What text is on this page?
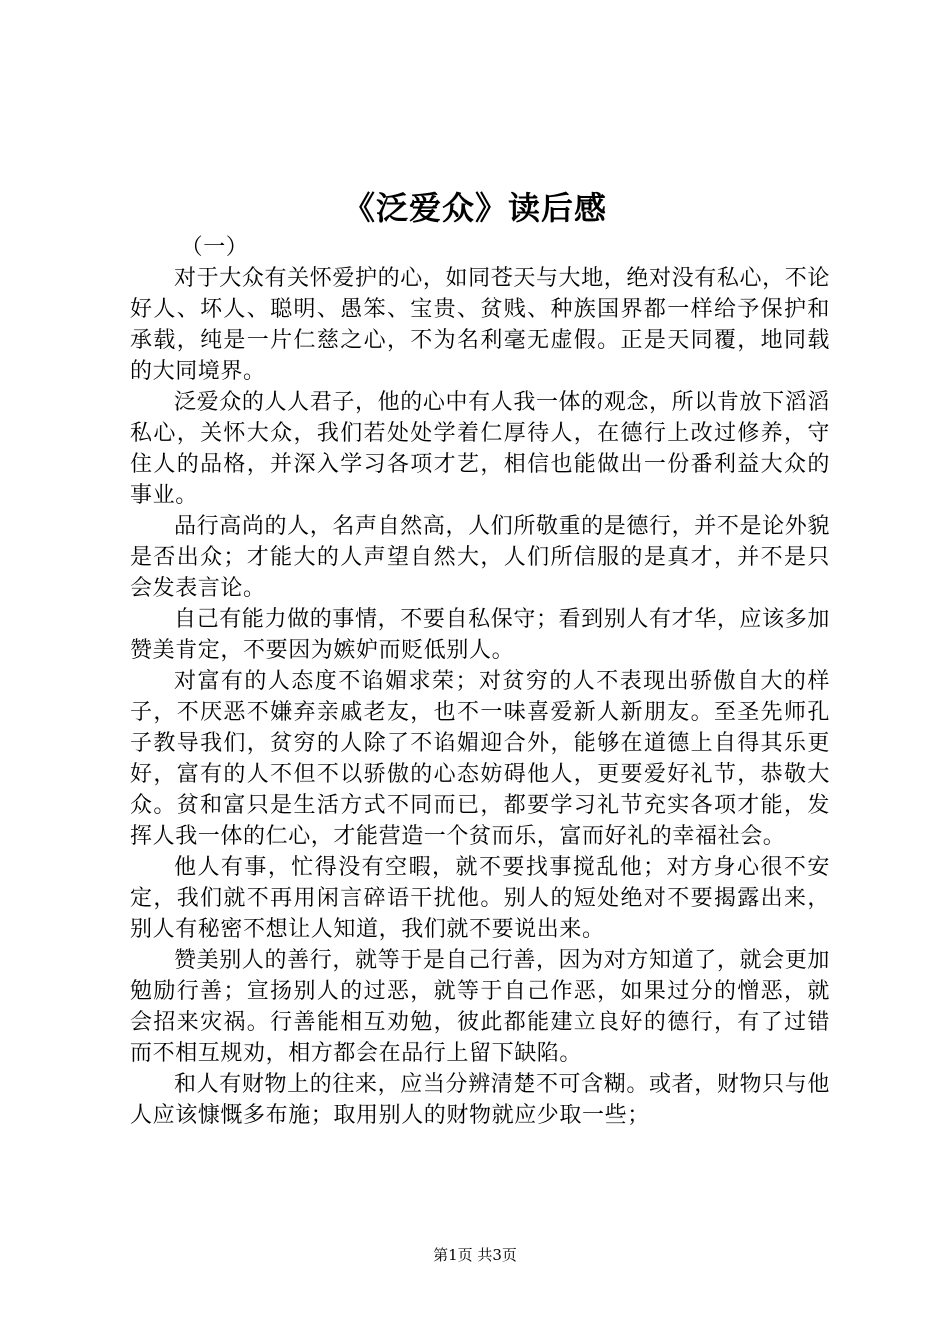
《泛爱众》读后感

（一）

对于大众有关怀爱护的心，如同苍天与大地，绝对没有私心，不论好人、坏人、聪明、愚笨、宝贵、贫贱、种族国界都一样给予保护和承载，纯是一片仁慈之心，不为名利毫无虚假。正是天同覆，地同载的大同境界。

泛爱众的人人君子，他的心中有人我一体的观念，所以肯放下滔滔私心，关怀大众，我们若处处学着仁厚待人，在德行上改过修养，守住人的品格，并深入学习各项才艺，相信也能做出一份番利益大众的事业。

品行高尚的人，名声自然高，人们所敬重的是德行，并不是论外貌是否出众；才能大的人声望自然大，人们所信服的是真才，并不是只会发表言论。

自己有能力做的事情，不要自私保守；看到别人有才华，应该多加赞美肯定，不要因为嫉妒而贬低别人。

对富有的人态度不谄媚求荣；对贫穷的人不表现出骄傲自大的样子，不厌恶不嫌弃亲戚老友，也不一味喜爱新人新朋友。至圣先师孔子教导我们，贫穷的人除了不谄媚迎合外，能够在道德上自得其乐更好，富有的人不但不以骄傲的心态妨碍他人，更要爱好礼节，恭敬大众。贫和富只是生活方式不同而已，都要学习礼节充实各项才能，发挥人我一体的仁心，才能营造一个贫而乐，富而好礼的幸福社会。

他人有事，忙得没有空暇，就不要找事搅乱他；对方身心很不安定，我们就不再用闲言碎语干扰他。别人的短处绝对不要揭露出来，别人有秘密不想让人知道，我们就不要说出来。

赞美别人的善行，就等于是自己行善，因为对方知道了，就会更加勉励行善；宣扬别人的过恶，就等于自己作恶，如果过分的憎恶，就会招来灾祸。行善能相互劝勉，彼此都能建立良好的德行，有了过错而不相互规劝，相方都会在品行上留下缺陷。

和人有财物上的往来，应当分辨清楚不可含糊。或者，财物只与他人应该慷慨多布施；取用别人的财物就应少取一些；

第1页 共3页
